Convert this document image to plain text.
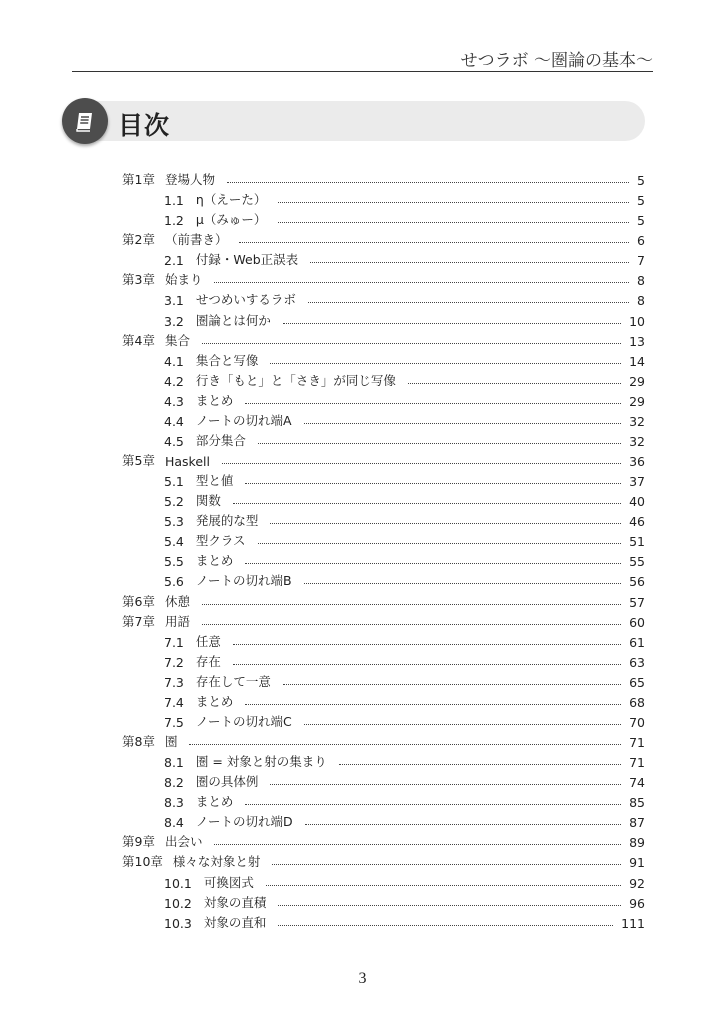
せつラボ 〜圏論の基本〜
目次
第1章 登場人物	5
1.1 η（えーた）	5
1.2 μ（みゅー）	5
第2章 （前書き）	6
2.1 付録・Web正誤表	7
第3章 始まり	8
3.1 せつめいするラボ	8
3.2 圏論とは何か	10
第4章 集合	13
4.1 集合と写像	14
4.2 行き「もと」と「さき」が同じ写像	29
4.3 まとめ	29
4.4 ノートの切れ端A	32
4.5 部分集合	32
第5章 Haskell	36
5.1 型と値	37
5.2 関数	40
5.3 発展的な型	46
5.4 型クラス	51
5.5 まとめ	55
5.6 ノートの切れ端B	56
第6章 休憩	57
第7章 用語	60
7.1 任意	61
7.2 存在	63
7.3 存在して一意	65
7.4 まとめ	68
7.5 ノートの切れ端C	70
第8章 圏	71
8.1 圏 = 対象と射の集まり	71
8.2 圏の具体例	74
8.3 まとめ	85
8.4 ノートの切れ端D	87
第9章 出会い	89
第10章 様々な対象と射	91
10.1 可換図式	92
10.2 対象の直積	96
10.3 対象の直和	111
3
